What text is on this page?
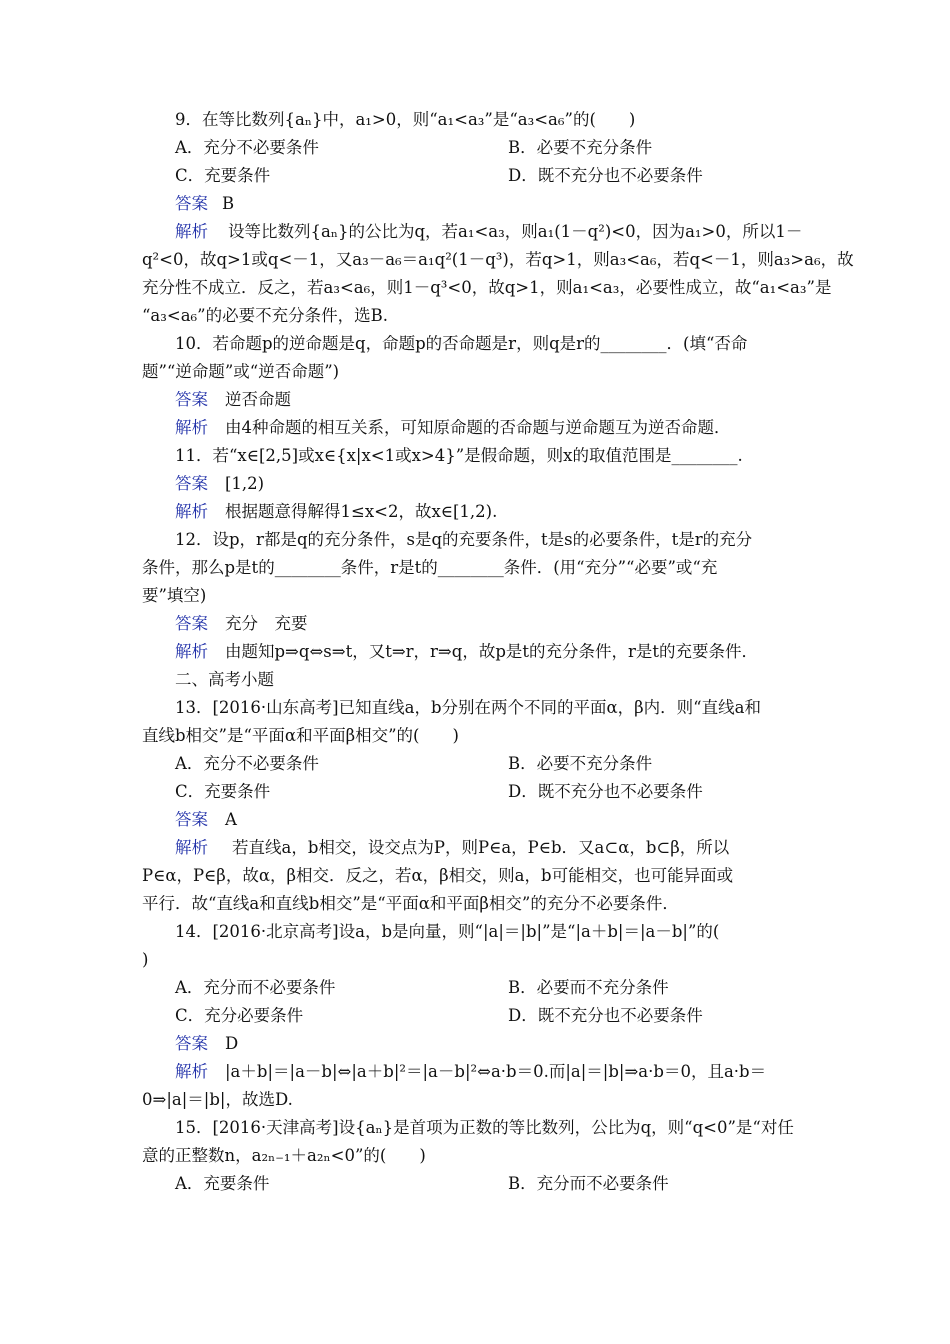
9．在等比数列{aₙ}中，a₁>0，则“a₁<a₃”是“a₃<a₆”的(　　)
A．充分不必要条件	B．必要不充分条件
C．充要条件	D．既不充分也不必要条件
答案 B
解析 设等比数列{aₙ}的公比为q，若a₁<a₃，则a₁(1－q²)<0，因为a₁>0，所以1－
q²<0，故q>1或q<－1，又a₃－a₆＝a₁q²(1－q³)，若q>1，则a₃<a₆，若q<－1，则a₃>a₆，故
充分性不成立．反之，若a₃<a₆，则1－q³<0，故q>1，则a₁<a₃，必要性成立，故“a₁<a₃”是
“a₃<a₆”的必要不充分条件，选B.
10．若命题p的逆命题是q，命题p的否命题是r，则q是r的________．(填“否命
题”“逆命题”或“逆否命题”)
答案 逆否命题
解析 由4种命题的相互关系，可知原命题的否命题与逆命题互为逆否命题．
11．若“x∈[2,5]或x∈{x|x<1或x>4}”是假命题，则x的取值范围是________.
答案 [1,2)
解析 根据题意得解得1≤x<2，故x∈[1,2).
12．设p，r都是q的充分条件，s是q的充要条件，t是s的必要条件，t是r的充分
条件，那么p是t的________条件，r是t的________条件．(用“充分”“必要”或“充
要”填空)
答案 充分　充要
解析 由题知p⇒q⇔s⇒t，又t⇒r，r⇒q，故p是t的充分条件，r是t的充要条件．
二、高考小题
13．[2016·山东高考]已知直线a，b分别在两个不同的平面α，β内．则“直线a和
直线b相交”是“平面α和平面β相交”的(　　)
A．充分不必要条件	B．必要不充分条件
C．充要条件	D．既不充分也不必要条件
答案 A
解析 若直线a，b相交，设交点为P，则P∈a，P∈b．又a⊂α，b⊂β，所以
P∈α，P∈β，故α，β相交．反之，若α，β相交，则a，b可能相交，也可能异面或
平行．故“直线a和直线b相交”是“平面α和平面β相交”的充分不必要条件．
14．[2016·北京高考]设a，b是向量，则“|a|＝|b|”是“|a＋b|＝|a－b|”的(
)
A．充分而不必要条件	B．必要而不充分条件
C．充分必要条件	D．既不充分也不必要条件
答案 D
解析 |a＋b|＝|a－b|⇔|a＋b|²＝|a－b|²⇔a·b＝0.而|a|＝|b|⇒a·b＝0，且a·b＝
0⇒|a|＝|b|，故选D.
15．[2016·天津高考]设{aₙ}是首项为正数的等比数列，公比为q，则“q<0”是“对任
意的正整数n，a₂ₙ₋₁＋a₂ₙ<0”的(　　)
A．充要条件	B．充分而不必要条件
